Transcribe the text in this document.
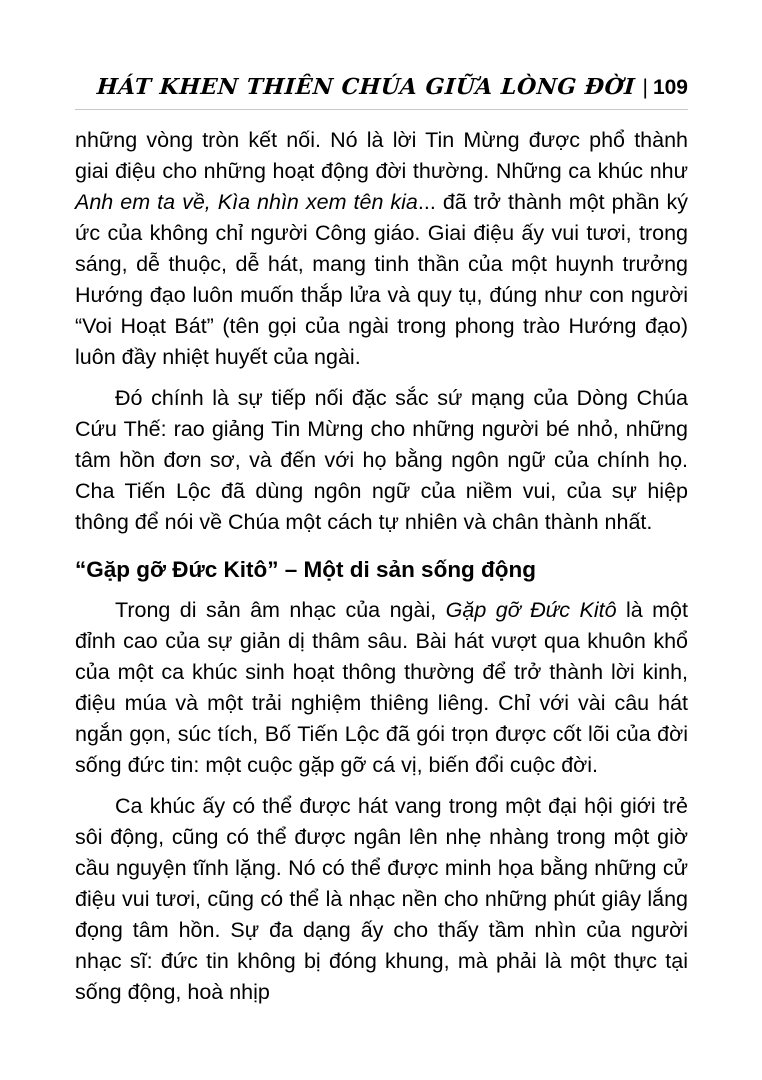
HÁT KHEN THIÊN CHÚA GIỮA LÒNG ĐỜI | 109

những vòng tròn kết nối. Nó là lời Tin Mừng được phổ thành giai điệu cho những hoạt động đời thường. Những ca khúc như Anh em ta về, Kìa nhìn xem tên kia... đã trở thành một phần ký ức của không chỉ người Công giáo. Giai điệu ấy vui tươi, trong sáng, dễ thuộc, dễ hát, mang tinh thần của một huynh trưởng Hướng đạo luôn muốn thắp lửa và quy tụ, đúng như con người “Voi Hoạt Bát” (tên gọi của ngài trong phong trào Hướng đạo) luôn đầy nhiệt huyết của ngài.

Đó chính là sự tiếp nối đặc sắc sứ mạng của Dòng Chúa Cứu Thế: rao giảng Tin Mừng cho những người bé nhỏ, những tâm hồn đơn sơ, và đến với họ bằng ngôn ngữ của chính họ. Cha Tiến Lộc đã dùng ngôn ngữ của niềm vui, của sự hiệp thông để nói về Chúa một cách tự nhiên và chân thành nhất.

“Gặp gỡ Đức Kitô” – Một di sản sống động

Trong di sản âm nhạc của ngài, Gặp gỡ Đức Kitô là một đỉnh cao của sự giản dị thâm sâu. Bài hát vượt qua khuôn khổ của một ca khúc sinh hoạt thông thường để trở thành lời kinh, điệu múa và một trải nghiệm thiêng liêng. Chỉ với vài câu hát ngắn gọn, súc tích, Bố Tiến Lộc đã gói trọn được cốt lõi của đời sống đức tin: một cuộc gặp gỡ cá vị, biến đổi cuộc đời.

Ca khúc ấy có thể được hát vang trong một đại hội giới trẻ sôi động, cũng có thể được ngân lên nhẹ nhàng trong một giờ cầu nguyện tĩnh lặng. Nó có thể được minh họa bằng những cử điệu vui tươi, cũng có thể là nhạc nền cho những phút giây lắng đọng tâm hồn. Sự đa dạng ấy cho thấy tầm nhìn của người nhạc sĩ: đức tin không bị đóng khung, mà phải là một thực tại sống động, hoà nhịp
